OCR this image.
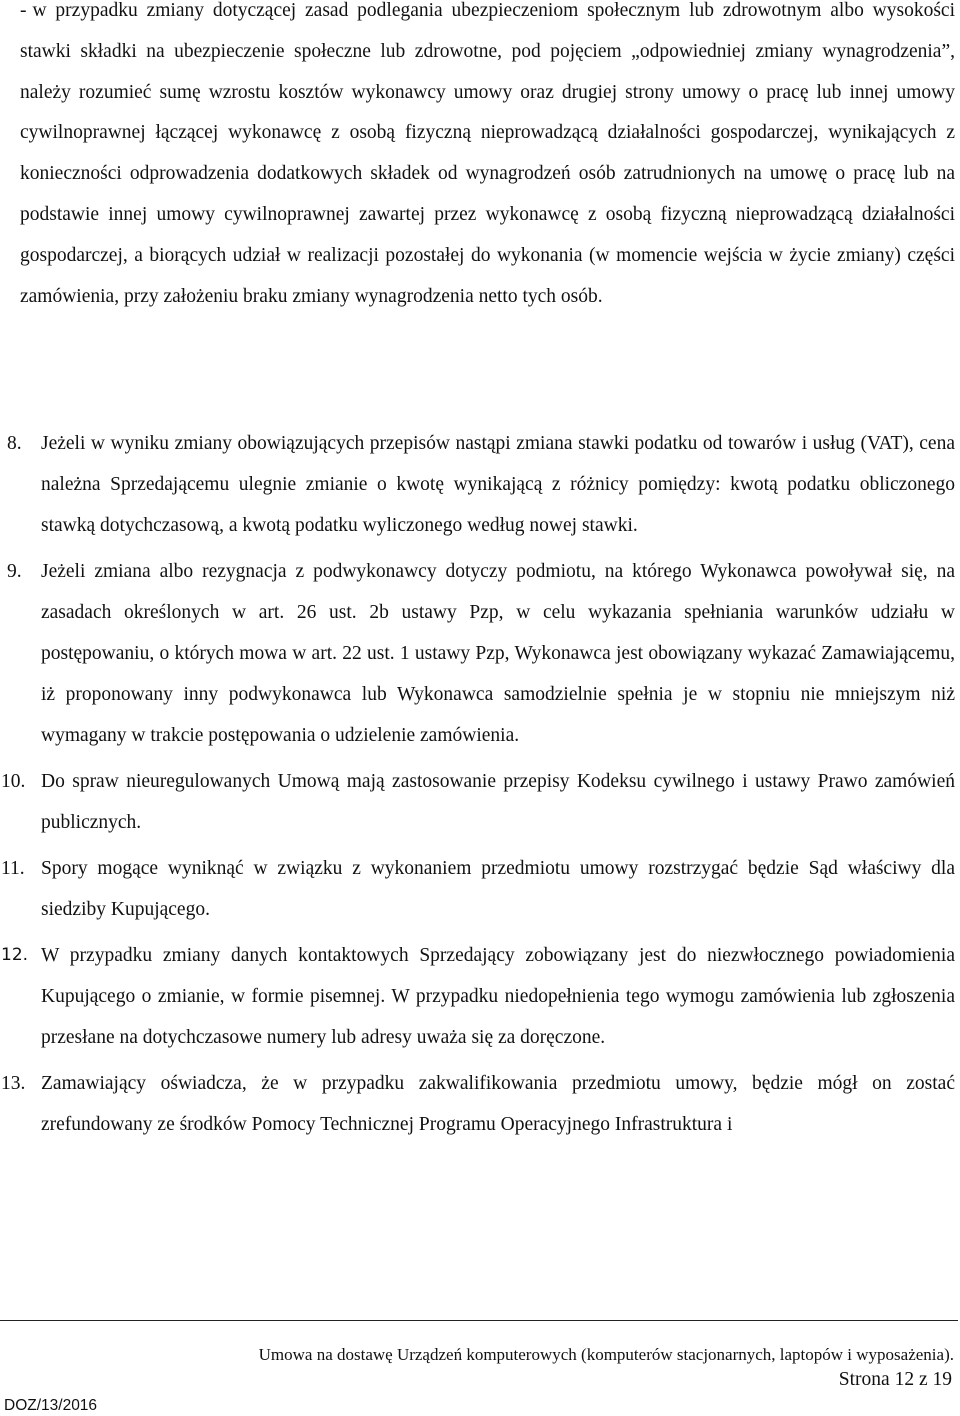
- w przypadku zmiany dotyczącej zasad podlegania ubezpieczeniom społecznym lub zdrowotnym albo wysokości stawki składki na ubezpieczenie społeczne lub zdrowotne, pod pojęciem „odpowiedniej zmiany wynagrodzenia”, należy rozumieć sumę wzrostu kosztów wykonawcy umowy oraz drugiej strony umowy o pracę lub innej umowy cywilnoprawnej łączącej wykonawcę z osobą fizyczną nieprowadzącą działalności gospodarczej, wynikających z konieczności odprowadzenia dodatkowych składek od wynagrodzeń osób zatrudnionych na umowę o pracę lub na podstawie innej umowy cywilnoprawnej zawartej przez wykonawcę z osobą fizyczną nieprowadzącą działalności gospodarczej, a biorących udział w realizacji pozostałej do wykonania (w momencie wejścia w życie zmiany) części zamówienia, przy założeniu braku zmiany wynagrodzenia netto tych osób.
8. Jeżeli w wyniku zmiany obowiązujących przepisów nastąpi zmiana stawki podatku od towarów i usług (VAT), cena należna Sprzedającemu ulegnie zmianie o kwotę wynikającą z różnicy pomiędzy: kwotą podatku obliczonego stawką dotychczasową, a kwotą podatku wyliczonego według nowej stawki.
9. Jeżeli zmiana albo rezygnacja z podwykonawcy dotyczy podmiotu, na którego Wykonawca powoływał się, na zasadach określonych w art. 26 ust. 2b ustawy Pzp, w celu wykazania spełniania warunków udziału w postępowaniu, o których mowa w art. 22 ust. 1 ustawy Pzp, Wykonawca jest obowiązany wykazać Zamawiającemu, iż proponowany inny podwykonawca lub Wykonawca samodzielnie spełnia je w stopniu nie mniejszym niż wymagany w trakcie postępowania o udzielenie zamówienia.
10. Do spraw nieuregulowanych Umową mają zastosowanie przepisy Kodeksu cywilnego i ustawy Prawo zamówień publicznych.
11. Spory mogące wyniknąć w związku z wykonaniem przedmiotu umowy rozstrzygać będzie Sąd właściwy dla siedziby Kupującego.
12. W przypadku zmiany danych kontaktowych Sprzedający zobowiązany jest do niezwłocznego powiadomienia Kupującego o zmianie, w formie pisemnej. W przypadku niedopełnienia tego wymogu zamówienia lub zgłoszenia przesłane na dotychczasowe numery lub adresy uważa się za doręczone.
13. Zamawiający oświadcza, że w przypadku zakwalifikowania przedmiotu umowy, będzie mógł on zostać zrefundowany ze środków Pomocy Technicznej Programu Operacyjnego Infrastruktura i
Umowa na dostawę Urządzeń komputerowych (komputerów stacjonarnych, laptopów i wyposażenia).
Strona 12 z 19
DOZ/13/2016
